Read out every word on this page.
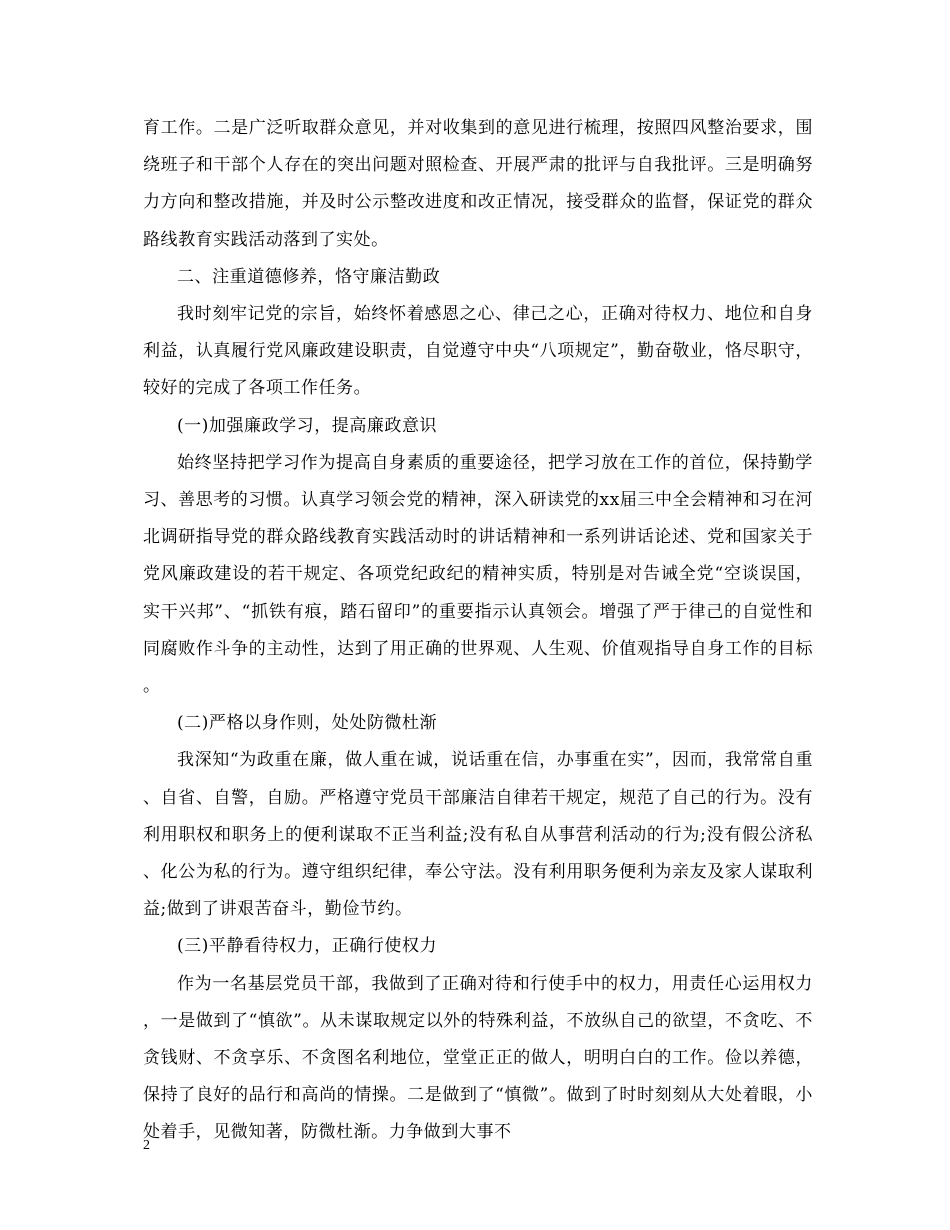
育工作。二是广泛听取群众意见，并对收集到的意见进行梳理，按照四风整治要求，围绕班子和干部个人存在的突出问题对照检查、开展严肃的批评与自我批评。三是明确努力方向和整改措施，并及时公示整改进度和改正情况，接受群众的监督，保证党的群众路线教育实践活动落到了实处。

二、注重道德修养，恪守廉洁勤政

我时刻牢记党的宗旨，始终怀着感恩之心、律己之心，正确对待权力、地位和自身利益，认真履行党风廉政建设职责，自觉遵守中央“八项规定”，勤奋敬业，恪尽职守，较好的完成了各项工作任务。

(一)加强廉政学习，提高廉政意识

始终坚持把学习作为提高自身素质的重要途径，把学习放在工作的首位，保持勤学习、善思考的习惯。认真学习领会党的精神，深入研读党的xx届三中全会精神和习在河北调研指导党的群众路线教育实践活动时的讲话精神和一系列讲话论述、党和国家关于党风廉政建设的若干规定、各项党纪政纪的精神实质，特别是对告诫全党“空谈误国，实干兴邦”、“抓铁有痕，踏石留印”的重要指示认真领会。增强了严于律己的自觉性和同腐败作斗争的主动性，达到了用正确的世界观、人生观、价值观指导自身工作的目标。

(二)严格以身作则，处处防微杜渐

我深知“为政重在廉，做人重在诚，说话重在信，办事重在实”，因而，我常常自重、自省、自警，自励。严格遵守党员干部廉洁自律若干规定，规范了自己的行为。没有利用职权和职务上的便利谋取不正当利益;没有私自从事营利活动的行为;没有假公济私、化公为私的行为。遵守组织纪律，奉公守法。没有利用职务便利为亲友及家人谋取利益;做到了讲艰苦奋斗，勤俭节约。

(三)平静看待权力，正确行使权力

作为一名基层党员干部，我做到了正确对待和行使手中的权力，用责任心运用权力，一是做到了“慎欲”。从未谋取规定以外的特殊利益，不放纵自己的欲望，不贪吃、不贪钱财、不贪享乐、不贪图名利地位，堂堂正正的做人，明明白白的工作。俭以养德，保持了良好的品行和高尚的情操。二是做到了“慎微”。做到了时时刻刻从大处着眼，小处着手，见微知著，防微杜渐。力争做到大事不

2
